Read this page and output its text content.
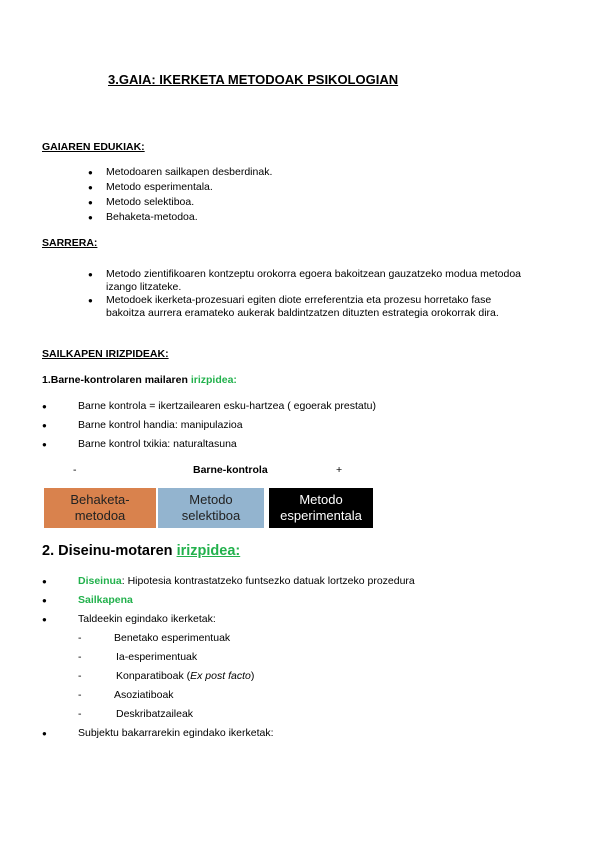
3.GAIA: IKERKETA METODOAK PSIKOLOGIAN
GAIAREN EDUKIAK:
● Metodoaren sailkapen desberdinak.
● Metodo esperimentala.
● Metodo selektiboa.
● Behaketa-metodoa.
SARRERA:
● Metodo zientifikoaren kontzeptu orokorra egoera bakoitzean gauzatzeko modua metodoa
izango litzateke.
● Metodoek ikerketa-prozesuari egiten diote erreferentzia eta prozesu horretako fase
bakoitza aurrera eramateko aukerak baldintzatzen dituzten estrategia orokorrak dira.
SAILKAPEN IRIZPIDEAK:
1.Barne-kontrolaren mailaren irizpidea:
●	Barne kontrola = ikertzailearen esku-hartzea ( egoerak prestatu)
●	Barne kontrol handia: manipulazioa
●	Barne kontrol txikia: naturaltasuna
-	Barne-kontrola	+
Behaketa-
metodoa
Metodo
selektiboa
Metodo
esperimentala
2. Diseinu-motaren irizpidea:
●	Diseinua: Hipotesia kontrastatzeko funtsezko datuak lortzeko prozedura
●	Sailkapena
●	Taldeekin egindako ikerketak:
-	Benetako esperimentuak
-	Ia-esperimentuak
-	Konparatiboak (Ex post facto)
-	Asoziatiboak
-	Deskribatzaileak
●	Subjektu bakarrarekin egindako ikerketak:
